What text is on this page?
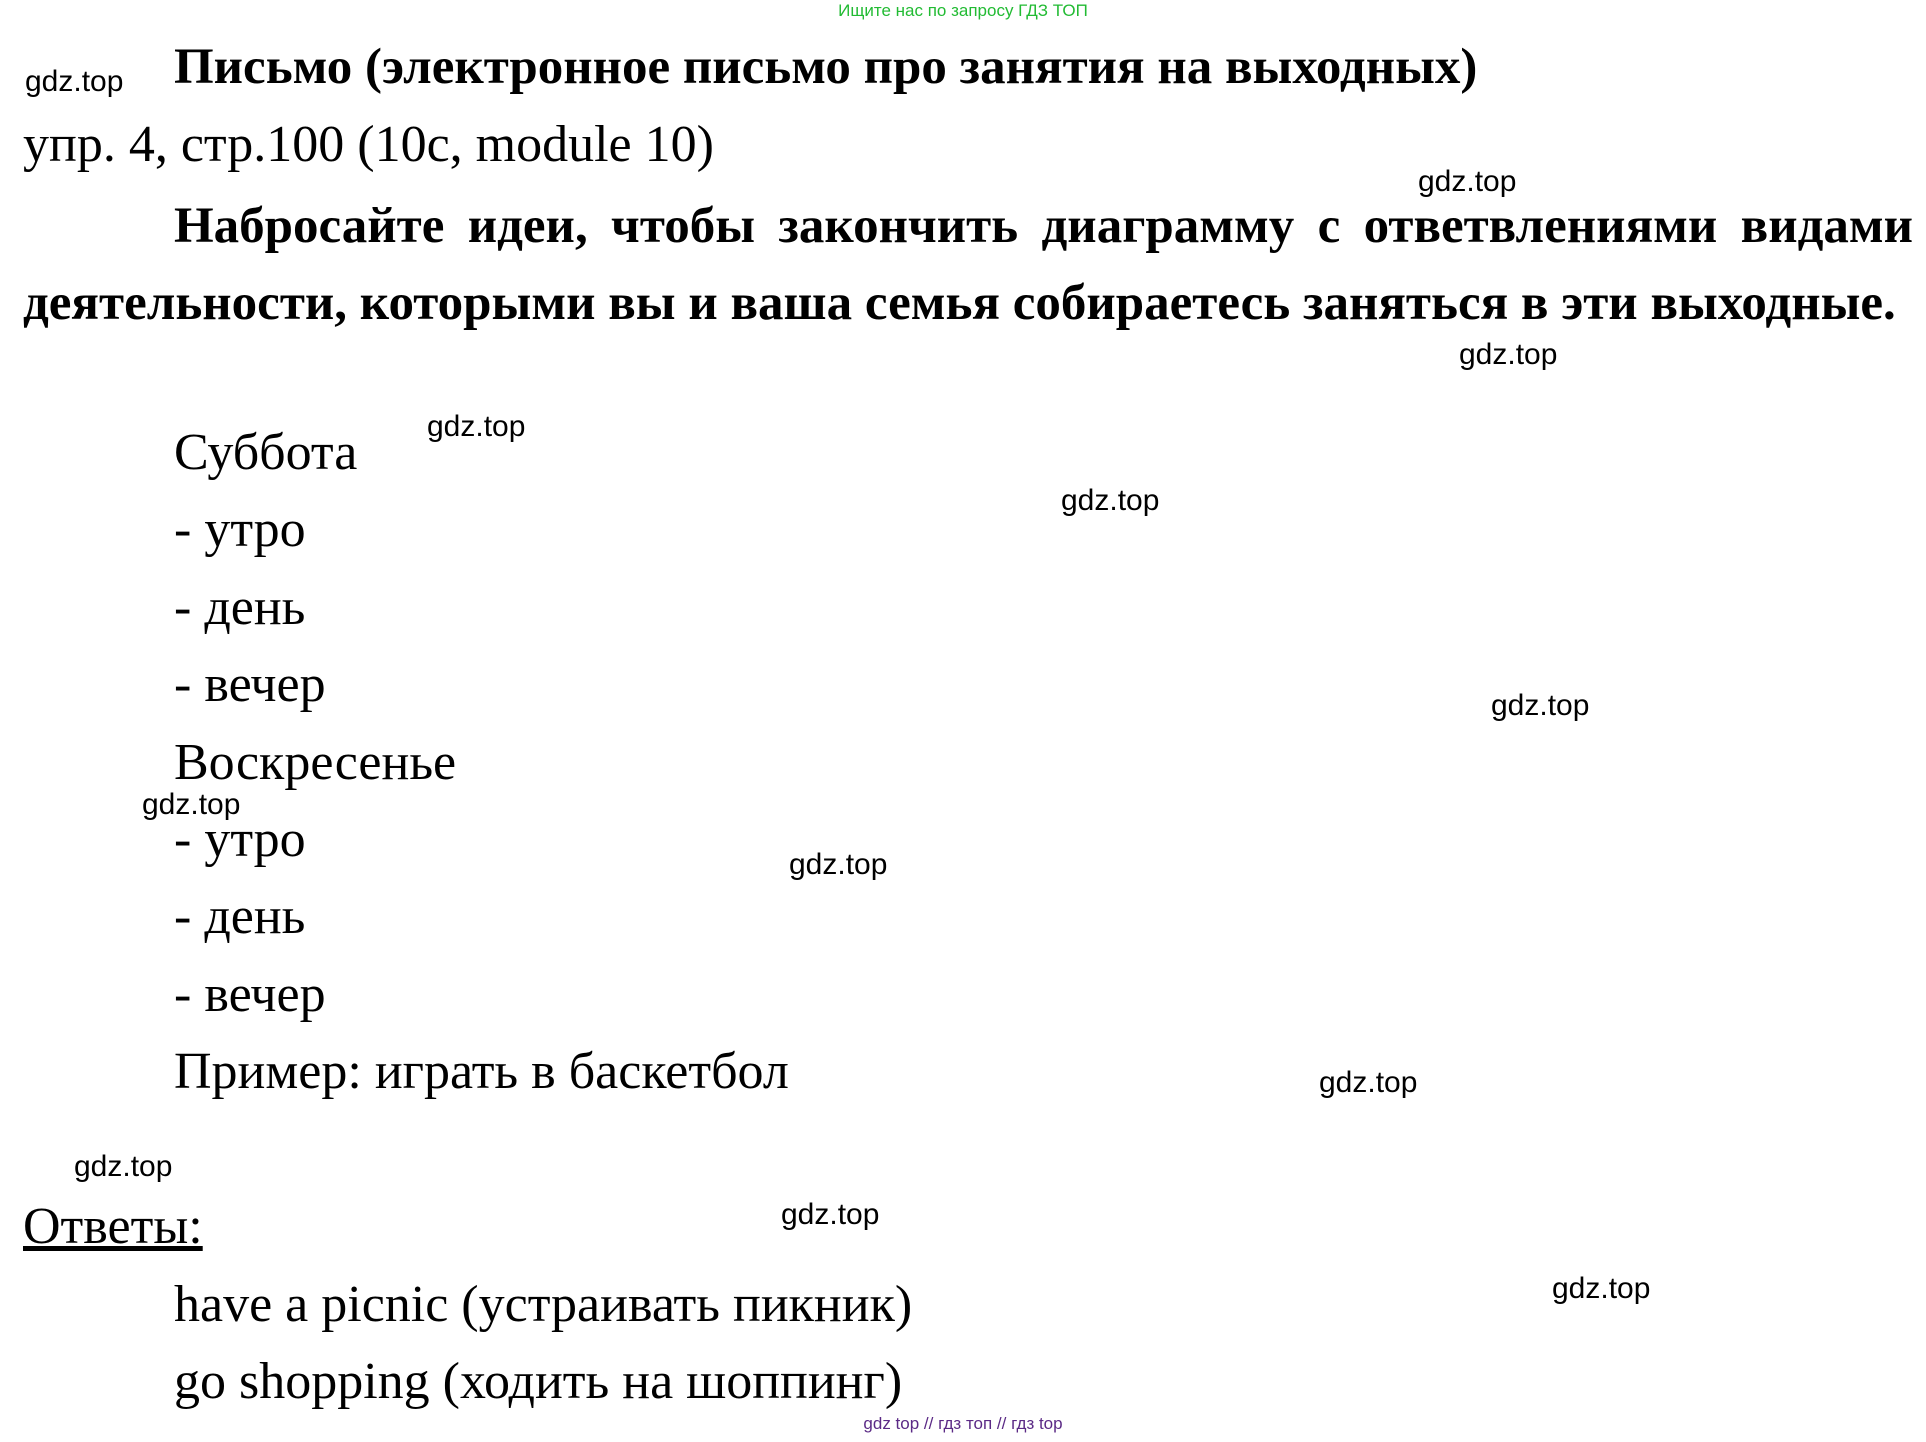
Ищите нас по запросу ГДЗ ТОП
Письмо (электронное письмо про занятия на выходных)
упр. 4, стр.100 (10c, module 10)
Набросайте идеи, чтобы закончить диаграмму с ответвлениями видами деятельности, которыми вы и ваша семья собираетесь заняться в эти выходные.
Суббота
- утро
- день
- вечер
Воскресенье
- утро
- день
- вечер
Пример: играть в баскетбол
Ответы:
have a picnic (устраивать пикник)
go shopping (ходить на шоппинг)
gdz.top
gdz.top
gdz.top
gdz.top
gdz.top
gdz.top
gdz.top
gdz.top
gdz.top
gdz.top
gdz.top
gdz.top
gdz top // гдз топ // гдз top
